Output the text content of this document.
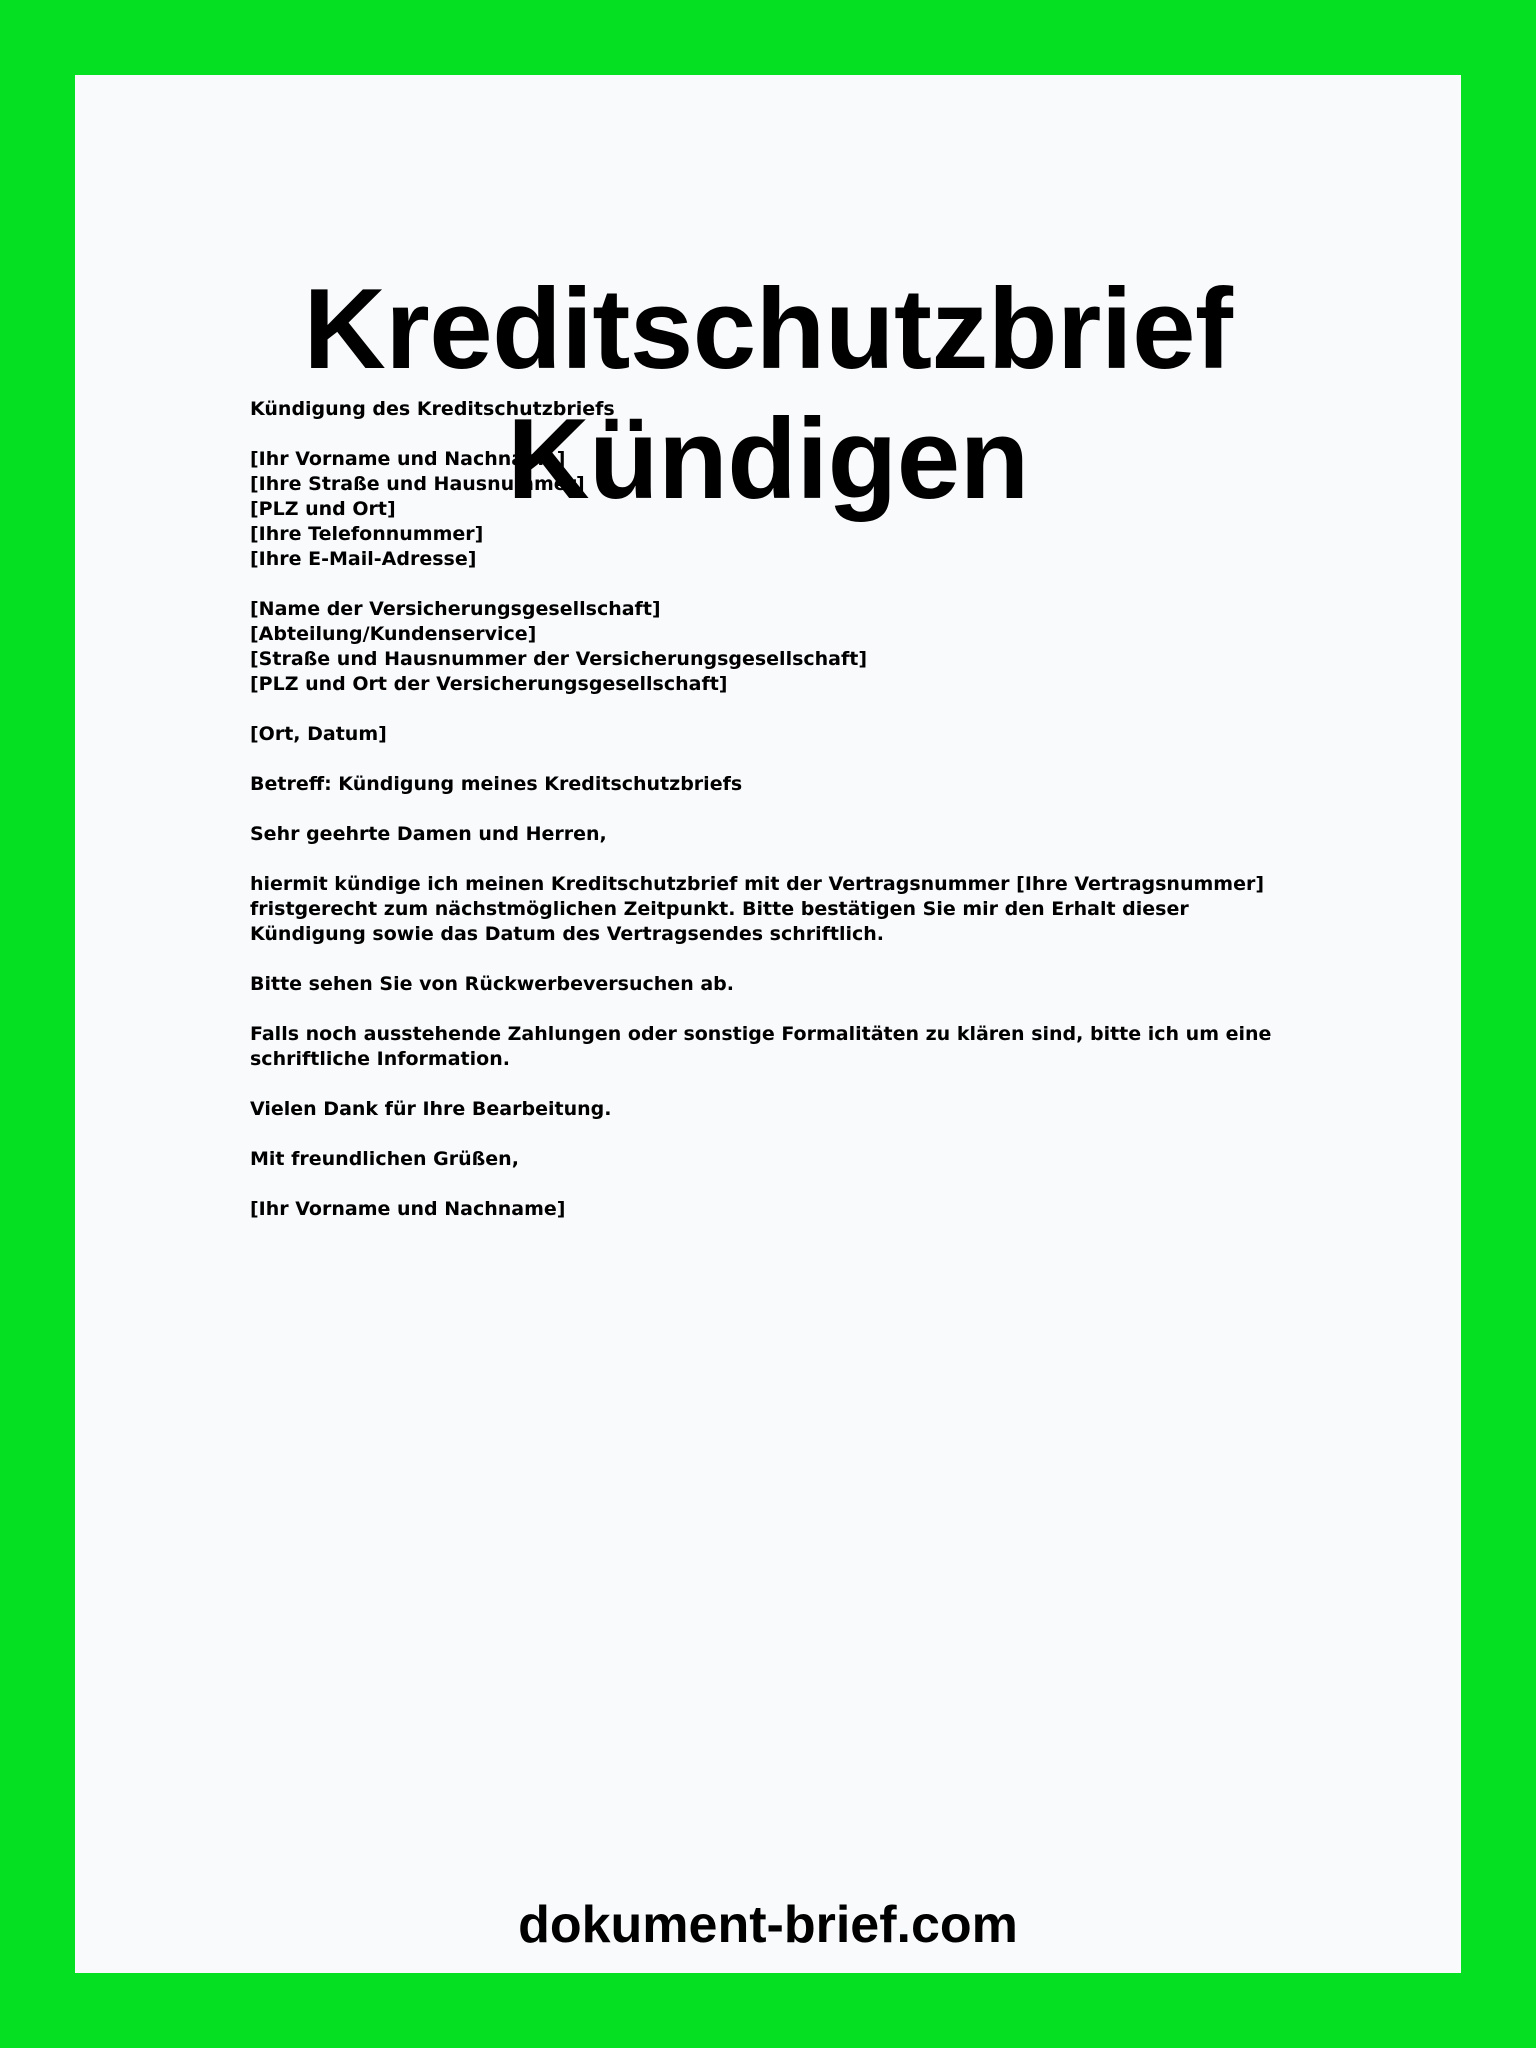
Kreditschutzbrief Kündigen
Kündigung des Kreditschutzbriefs
[Ihr Vorname und Nachname]
[Ihre Straße und Hausnummer]
[PLZ und Ort]
[Ihre Telefonnummer]
[Ihre E-Mail-Adresse]
[Name der Versicherungsgesellschaft]
[Abteilung/Kundenservice]
[Straße und Hausnummer der Versicherungsgesellschaft]
[PLZ und Ort der Versicherungsgesellschaft]
[Ort, Datum]
Betreff: Kündigung meines Kreditschutzbriefs
Sehr geehrte Damen und Herren,
hiermit kündige ich meinen Kreditschutzbrief mit der Vertragsnummer [Ihre Vertragsnummer] fristgerecht zum nächstmöglichen Zeitpunkt. Bitte bestätigen Sie mir den Erhalt dieser Kündigung sowie das Datum des Vertragsendes schriftlich.
Bitte sehen Sie von Rückwerbeversuchen ab.
Falls noch ausstehende Zahlungen oder sonstige Formalitäten zu klären sind, bitte ich um eine schriftliche Information.
Vielen Dank für Ihre Bearbeitung.
Mit freundlichen Grüßen,
[Ihr Vorname und Nachname]
dokument-brief.com
